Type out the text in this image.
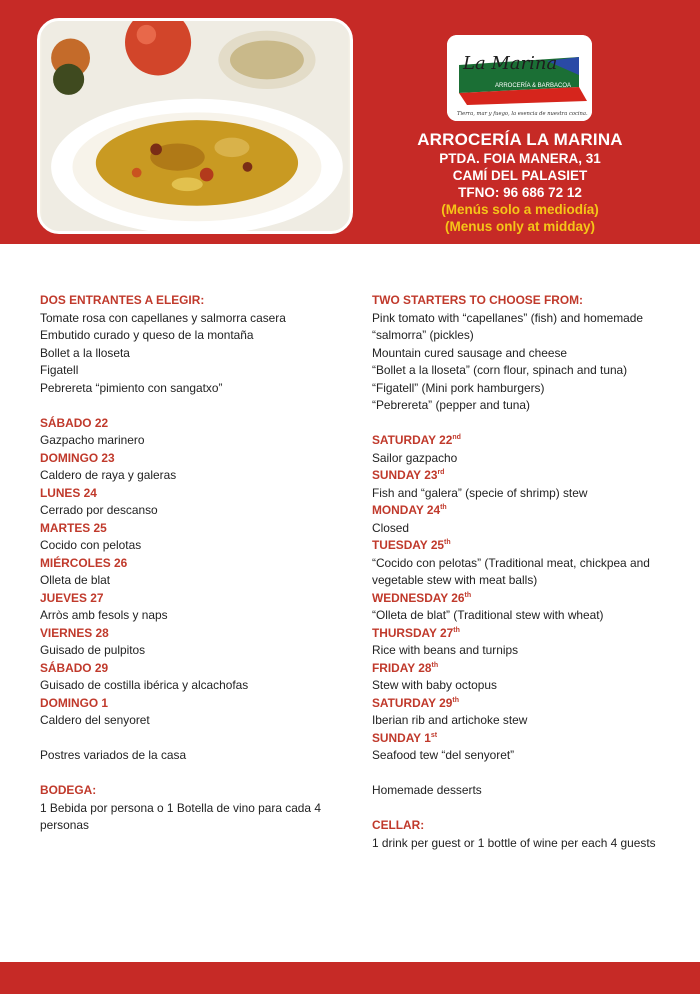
La Marina
ARROCERÍA & BARBACOA
Tierra, mar y fuego, la esencia de nuestra cocina.
ARROCERÍA LA MARINA
PTDA. FOIA MANERA, 31
CAMÍ DEL PALASIET
TFNO: 96 686 72 12
(Menús solo a mediodía)
(Menus only at midday)
DOS ENTRANTES A ELEGIR:
Tomate rosa con capellanes y salmorra casera
Embutido curado y queso de la montaña
Bollet a la lloseta
Figatell
Pebrereta “pimiento con sangatxo”
SÁBADO 22
Gazpacho marinero
DOMINGO 23
Caldero de raya y galeras
LUNES 24
Cerrado por descanso
MARTES 25
Cocido con pelotas
MIÉRCOLES 26
Olleta de blat
JUEVES 27
Arròs amb fesols y naps
VIERNES 28
Guisado de pulpitos
SÁBADO 29
Guisado de costilla ibérica y alcachofas
DOMINGO 1
Caldero del senyoret
Postres variados de la casa
BODEGA:
1 Bebida por persona o 1 Botella de vino para cada 4 personas
TWO STARTERS TO CHOOSE FROM:
Pink tomato with “capellanes” (fish) and homemade “salmorra” (pickles)
Mountain cured sausage and cheese
“Bollet a la lloseta” (corn flour, spinach and tuna)
“Figatell” (Mini pork hamburgers)
“Pebrereta” (pepper and tuna)
SATURDAY 22nd
Sailor gazpacho
SUNDAY 23rd
Fish and “galera” (specie of shrimp) stew
MONDAY 24th
Closed
TUESDAY 25th
“Cocido con pelotas” (Traditional meat, chickpea and vegetable stew with meat balls)
WEDNESDAY 26th
“Olleta de blat” (Traditional stew with wheat)
THURSDAY 27th
Rice with beans and turnips
FRIDAY 28th
Stew with baby octopus
SATURDAY 29th
Iberian rib and artichoke stew
SUNDAY 1st
Seafood tew “del senyoret”
Homemade desserts
CELLAR:
1 drink per guest or 1 bottle of wine per each 4 guests
